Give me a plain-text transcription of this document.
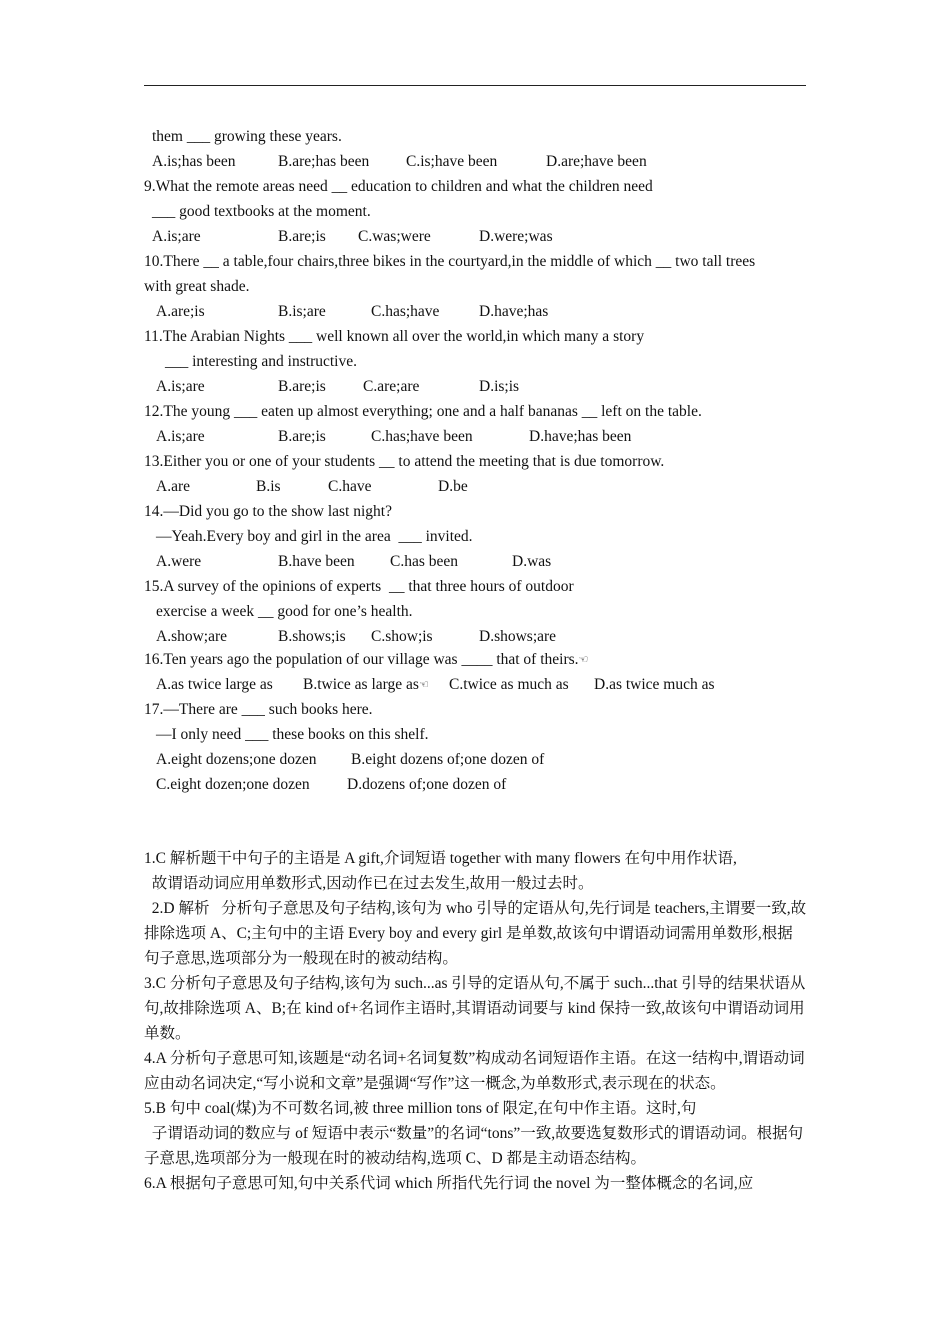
them ___ growing these years.
A.is;has been	B.are;has been C.is;have been	D.are;have been
9.What the remote areas need __ education to children and what the children need
___ good textbooks at the moment.
A.is;are	B.are;is C.was;were	D.were;was
10.There __ a table,four chairs,three bikes in the courtyard,in the middle of which __ two tall trees
with great shade.
A.are;is	B.is;are	C.has;have	D.have;has
11.The Arabian Nights ___ well known all over the world,in which many a story
___ interesting and instructive.
A.is;are	B.are;is C.are;are	D.is;is
12.The young ___ eaten up almost everything; one and a half bananas __ left on the table.
A.is;are	B.are;is	C.has;have been	D.have;has been
13.Either you or one of your students __ to attend the meeting that is due tomorrow.
A.are	B.is	C.have	D.be
14.—Did you go to the show last night?
—Yeah.Every boy and girl in the area  ___ invited.
A.were	B.have been C.has been	D.was
15.A survey of the opinions of experts  __ that three hours of outdoor
exercise a week __ good for one’s health.
A.show;are	B.shows;is C.show;is	D.shows;are
16.Ten years ago the population of our village was ____ that of theirs.☜
A.as twice large as B.twice as large as☜ C.twice as much as D.as twice much as
17.—There are ___ such books here.
—I only need ___ these books on this shelf.
A.eight dozens;one dozen B.eight dozens of;one dozen of
C.eight dozen;one dozen D.dozens of;one dozen of

1.C 解析题干中句子的主语是 A gift,介词短语 together with many flowers 在句中用作状语,
故谓语动词应用单数形式,因动作已在过去发生,故用一般过去时。

2.D 解析   分析句子意思及句子结构,该句为 who 引导的定语从句,先行词是 teachers,主谓要一致,故排除选项 A、C;主句中的主语 Every boy and every girl 是单数,故该句中谓语动词需用单数形,根据句子意思,选项部分为一般现在时的被动结构。

3.C 分析句子意思及句子结构,该句为 such...as 引导的定语从句,不属于 such...that 引导的结果状语从句,故排除选项 A、B;在 kind of+名词作主语时,其谓语动词要与 kind 保持一致,故该句中谓语动词用单数。

4.A 分析句子意思可知,该题是“动名词+名词复数”构成动名词短语作主语。在这一结构中,谓语动词应由动名词决定,“写小说和文章”是强调“写作”这一概念,为单数形式,表示现在的状态。

5.B 句中 coal(煤)为不可数名词,被 three million tons of 限定,在句中作主语。这时,句
子谓语动词的数应与 of 短语中表示“数量”的名词“tons”一致,故要选复数形式的谓语动词。根据句子意思,选项部分为一般现在时的被动结构,选项 C、D 都是主动语态结构。

6.A 根据句子意思可知,句中关系代词 which 所指代先行词 the novel 为一整体概念的名词,应
